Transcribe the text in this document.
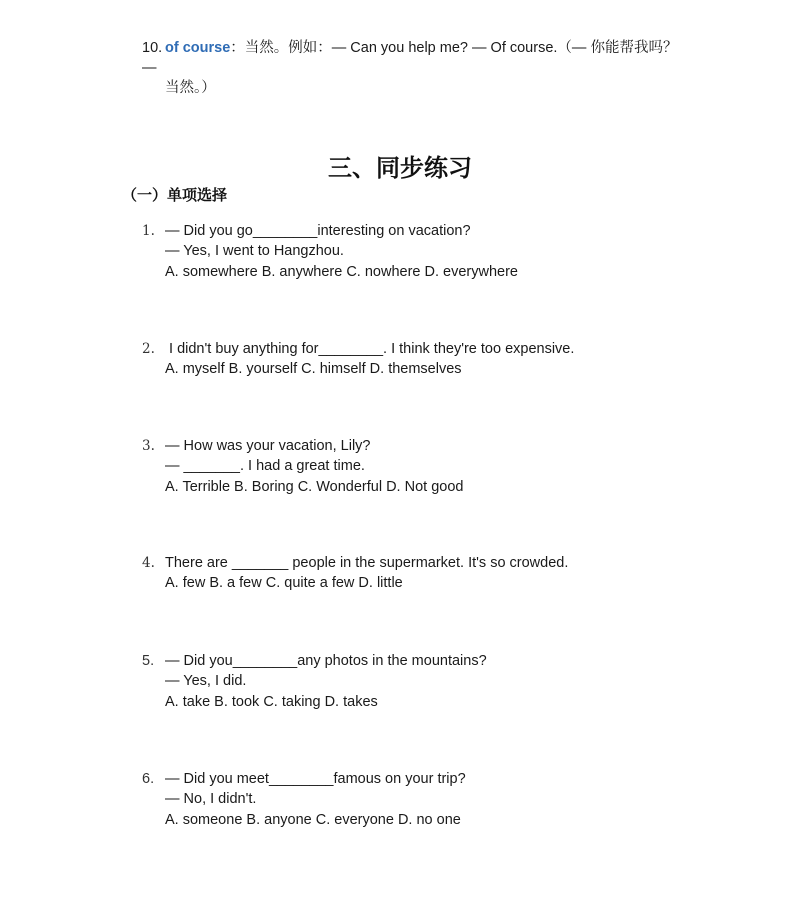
10. of course：当然。例如：— Can you help me? — Of course.（— 你能帮我吗？ —
当然。）
三、同步练习
（一）单项选择
1. — Did you go________interesting on vacation?
— Yes, I went to Hangzhou.
A. somewhere B. anywhere C. nowhere D. everywhere
2. I didn't buy anything for________. I think they're too expensive.
A. myself B. yourself C. himself D. themselves
3. — How was your vacation, Lily?
— _______. I had a great time.
A. Terrible B. Boring C. Wonderful D. Not good
4. There are _______ people in the supermarket. It's so crowded.
A. few B. a few C. quite a few D. little
5. — Did you________any photos in the mountains?
— Yes, I did.
A. take B. took C. taking D. takes
6. — Did you meet________famous on your trip?
— No, I didn't.
A. someone B. anyone C. everyone D. no one
